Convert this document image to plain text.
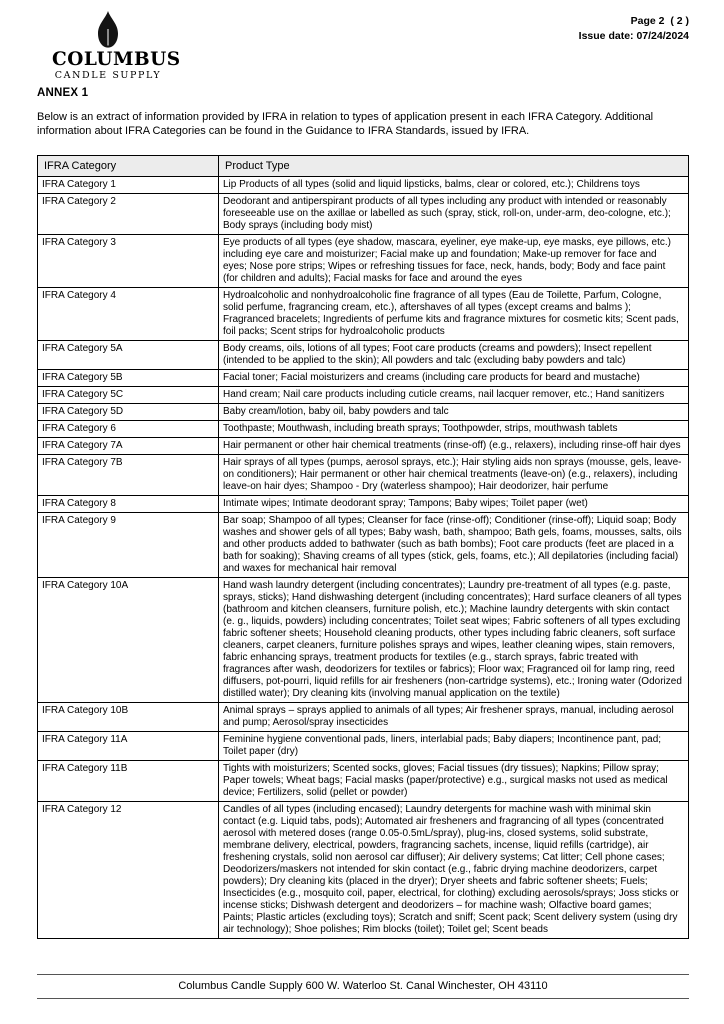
COLUMBUS
CANDLE SUPPLY
Page 2  ( 2 )
Issue date: 07/24/2024
ANNEX 1
Below is an extract of information provided by IFRA in relation to types of application present in each IFRA Category. Additional information about IFRA Categories can be found in the Guidance to IFRA Standards, issued by IFRA.
IFRA Category	Product Type
IFRA Category 1	Lip Products of all types (solid and liquid lipsticks, balms, clear or colored, etc.); Childrens toys
IFRA Category 2	Deodorant and antiperspirant products of all types including any product with intended or reasonably foreseeable use on the axillae or labelled as such (spray, stick, roll-on, under-arm, deo-cologne, etc.); Body sprays (including body mist)
IFRA Category 3	Eye products of all types (eye shadow, mascara, eyeliner, eye make-up, eye masks, eye pillows, etc.) including eye care and moisturizer; Facial make up and foundation; Make-up remover for face and eyes; Nose pore strips; Wipes or refreshing tissues for face, neck, hands, body; Body and face paint (for children and adults); Facial masks for face and around the eyes
IFRA Category 4	Hydroalcoholic and nonhydroalcoholic fine fragrance of all types (Eau de Toilette, Parfum, Cologne, solid perfume, fragrancing cream, etc.), aftershaves of all types (except creams and balms ); Fragranced bracelets; Ingredients of perfume kits and fragrance mixtures for cosmetic kits; Scent pads, foil packs; Scent strips for hydroalcoholic products
IFRA Category 5A	Body creams, oils, lotions of all types; Foot care products (creams and powders); Insect repellent (intended to be applied to the skin); All powders and talc (excluding baby powders and talc)
IFRA Category 5B	Facial toner; Facial moisturizers and creams (including care products for beard and mustache)
IFRA Category 5C	Hand cream; Nail care products including cuticle creams, nail lacquer remover, etc.; Hand sanitizers
IFRA Category 5D	Baby cream/lotion, baby oil, baby powders and talc
IFRA Category 6	Toothpaste; Mouthwash, including breath sprays; Toothpowder, strips, mouthwash tablets
IFRA Category 7A	Hair permanent or other hair chemical treatments (rinse-off) (e.g., relaxers), including rinse-off hair dyes
IFRA Category 7B	Hair sprays of all types (pumps, aerosol sprays, etc.); Hair styling aids non sprays (mousse, gels, leave-on conditioners); Hair permanent or other hair chemical treatments (leave-on) (e.g., relaxers), including leave-on hair dyes; Shampoo - Dry (waterless shampoo); Hair deodorizer, hair perfume
IFRA Category 8	Intimate wipes; Intimate deodorant spray; Tampons; Baby wipes; Toilet paper (wet)
IFRA Category 9	Bar soap; Shampoo of all types; Cleanser for face (rinse-off); Conditioner (rinse-off); Liquid soap; Body washes and shower gels of all types; Baby wash, bath, shampoo; Bath gels, foams, mousses, salts, oils and other products added to bathwater (such as bath bombs); Foot care products (feet are placed in a bath for soaking); Shaving creams of all types (stick, gels, foams, etc.); All depilatories (including facial) and waxes for mechanical hair removal
IFRA Category 10A	Hand wash laundry detergent (including concentrates); Laundry pre-treatment of all types (e.g. paste, sprays, sticks); Hand dishwashing detergent (including concentrates); Hard surface cleaners of all types (bathroom and kitchen cleansers, furniture polish, etc.); Machine laundry detergents with skin contact (e. g., liquids, powders) including concentrates; Toilet seat wipes; Fabric softeners of all types excluding fabric softener sheets; Household cleaning products, other types including fabric cleaners, soft surface cleaners, carpet cleaners, furniture polishes sprays and wipes, leather cleaning wipes, stain removers, fabric enhancing sprays, treatment products for textiles (e.g., starch sprays, fabric treated with fragrances after wash, deodorizers for textiles or fabrics); Floor wax; Fragranced oil for lamp ring, reed diffusers, pot-pourri, liquid refills for air fresheners (non-cartridge systems), etc.; Ironing water (Odorized distilled water); Dry cleaning kits (involving manual application on the textile)
IFRA Category 10B	Animal sprays – sprays applied to animals of all types; Air freshener sprays, manual, including aerosol and pump; Aerosol/spray insecticides
IFRA Category 11A	Feminine hygiene conventional pads, liners, interlabial pads; Baby diapers; Incontinence pant, pad; Toilet paper (dry)
IFRA Category 11B	Tights with moisturizers; Scented socks, gloves; Facial tissues (dry tissues); Napkins; Pillow spray; Paper towels; Wheat bags; Facial masks (paper/protective) e.g., surgical masks not used as medical device; Fertilizers, solid (pellet or powder)
IFRA Category 12	Candles of all types (including encased); Laundry detergents for machine wash with minimal skin contact (e.g. Liquid tabs, pods); Automated air fresheners and fragrancing of all types (concentrated aerosol with metered doses (range 0.05-0.5mL/spray), plug-ins, closed systems, solid substrate, membrane delivery, electrical, powders, fragrancing sachets, incense, liquid refills (cartridge), air freshening crystals, solid non aerosol car diffuser); Air delivery systems; Cat litter; Cell phone cases; Deodorizers/maskers not intended for skin contact (e.g., fabric drying machine deodorizers, carpet powders); Dry cleaning kits (placed in the dryer); Dryer sheets and fabric softener sheets; Fuels; Insecticides (e.g., mosquito coil, paper, electrical, for clothing) excluding aerosols/sprays; Joss sticks or incense sticks; Dishwash detergent and deodorizers – for machine wash; Olfactive board games; Paints; Plastic articles (excluding toys); Scratch and sniff; Scent pack; Scent delivery system (using dry air technology); Shoe polishes; Rim blocks (toilet); Toilet gel; Scent beads
Columbus Candle Supply 600 W. Waterloo St. Canal Winchester, OH 43110
